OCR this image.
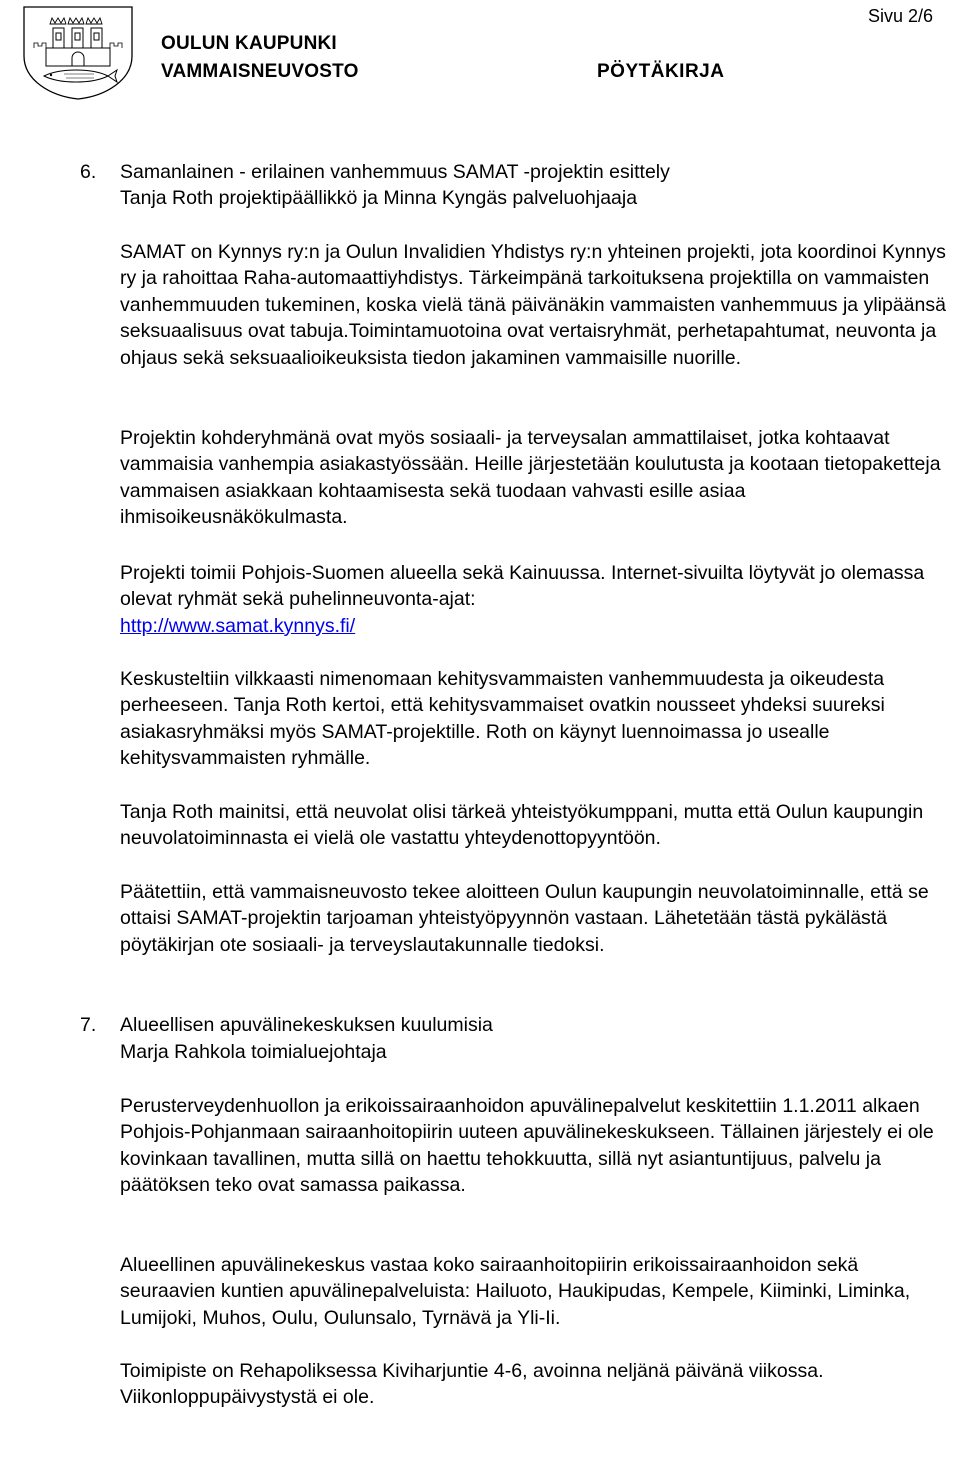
Sivu 2/6
OULUN KAUPUNKI
VAMMAISNEUVOSTO	PÖYTÄKIRJA
6. Samanlainen - erilainen vanhemmuus SAMAT -projektin esittely

Tanja Roth projektipäällikkö ja Minna Kyngäs palveluohjaaja

SAMAT on Kynnys ry:n ja Oulun Invalidien Yhdistys ry:n yhteinen projekti, jota koordinoi Kynnys ry ja rahoittaa Raha-automaattiyhdistys. Tärkeimpänä tarkoituksena projektilla on vammaisten vanhemmuuden tukeminen, koska vielä tänä päivänäkin vammaisten vanhemmuus ja ylipäänsä seksuaalisuus ovat tabuja.Toimintamuotoina ovat vertaisryhmät, perhetapahtumat, neuvonta ja ohjaus sekä seksuaalioikeuksista tiedon jakaminen vammaisille nuorille.

Projektin kohderyhmänä ovat myös sosiaali- ja terveysalan ammattilaiset, jotka kohtaavat vammaisia vanhempia asiakastyössään. Heille järjestetään koulutusta ja kootaan tietopaketteja vammaisen asiakkaan kohtaamisesta sekä tuodaan vahvasti esille asiaa ihmisoikeusnäkökulmasta.

Projekti toimii Pohjois-Suomen alueella sekä Kainuussa. Internet-sivuilta löytyvät jo olemassa olevat ryhmät sekä puhelinneuvonta-ajat:
http://www.samat.kynnys.fi/

Keskusteltiin vilkkaasti nimenomaan kehitysvammaisten vanhemmuudesta ja oikeudesta perheeseen. Tanja Roth kertoi, että kehitysvammaiset ovatkin nousseet yhdeksi suureksi asiakasryhmäksi myös SAMAT-projektille. Roth on käynyt luennoimassa jo usealle kehitysvammaisten ryhmälle.

Tanja Roth mainitsi, että neuvolat olisi tärkeä yhteistyökumppani, mutta että Oulun kaupungin neuvolatoiminnasta ei vielä ole vastattu yhteydenottopyyntöön.

Päätettiin, että vammaisneuvosto tekee aloitteen Oulun kaupungin neuvolatoiminnalle, että se ottaisi SAMAT-projektin tarjoaman yhteistyöpyynnön vastaan. Lähetetään tästä pykälästä pöytäkirjan ote sosiaali- ja terveyslautakunnalle tiedoksi.

7. Alueellisen apuvälinekeskuksen kuulumisia

Marja Rahkola toimialuejohtaja

Perusterveydenhuollon ja erikoissairaanhoidon apuvälinepalvelut keskitettiin 1.1.2011 alkaen Pohjois-Pohjanmaan sairaanhoitopiirin uuteen apuvälinekeskukseen. Tällainen järjestely ei ole kovinkaan tavallinen, mutta sillä on haettu tehokkuutta, sillä nyt asiantuntijuus, palvelu ja päätöksen teko ovat samassa paikassa.

Alueellinen apuvälinekeskus vastaa koko sairaanhoitopiirin erikoissairaanhoidon sekä seuraavien kuntien apuvälinepalveluista: Hailuoto, Haukipudas, Kempele, Kiiminki, Liminka, Lumijoki, Muhos, Oulu, Oulunsalo, Tyrnävä ja Yli-Ii.

Toimipiste on Rehapoliksessa Kiviharjuntie 4-6, avoinna neljänä päivänä viikossa. Viikonloppupäivystystä ei ole.
